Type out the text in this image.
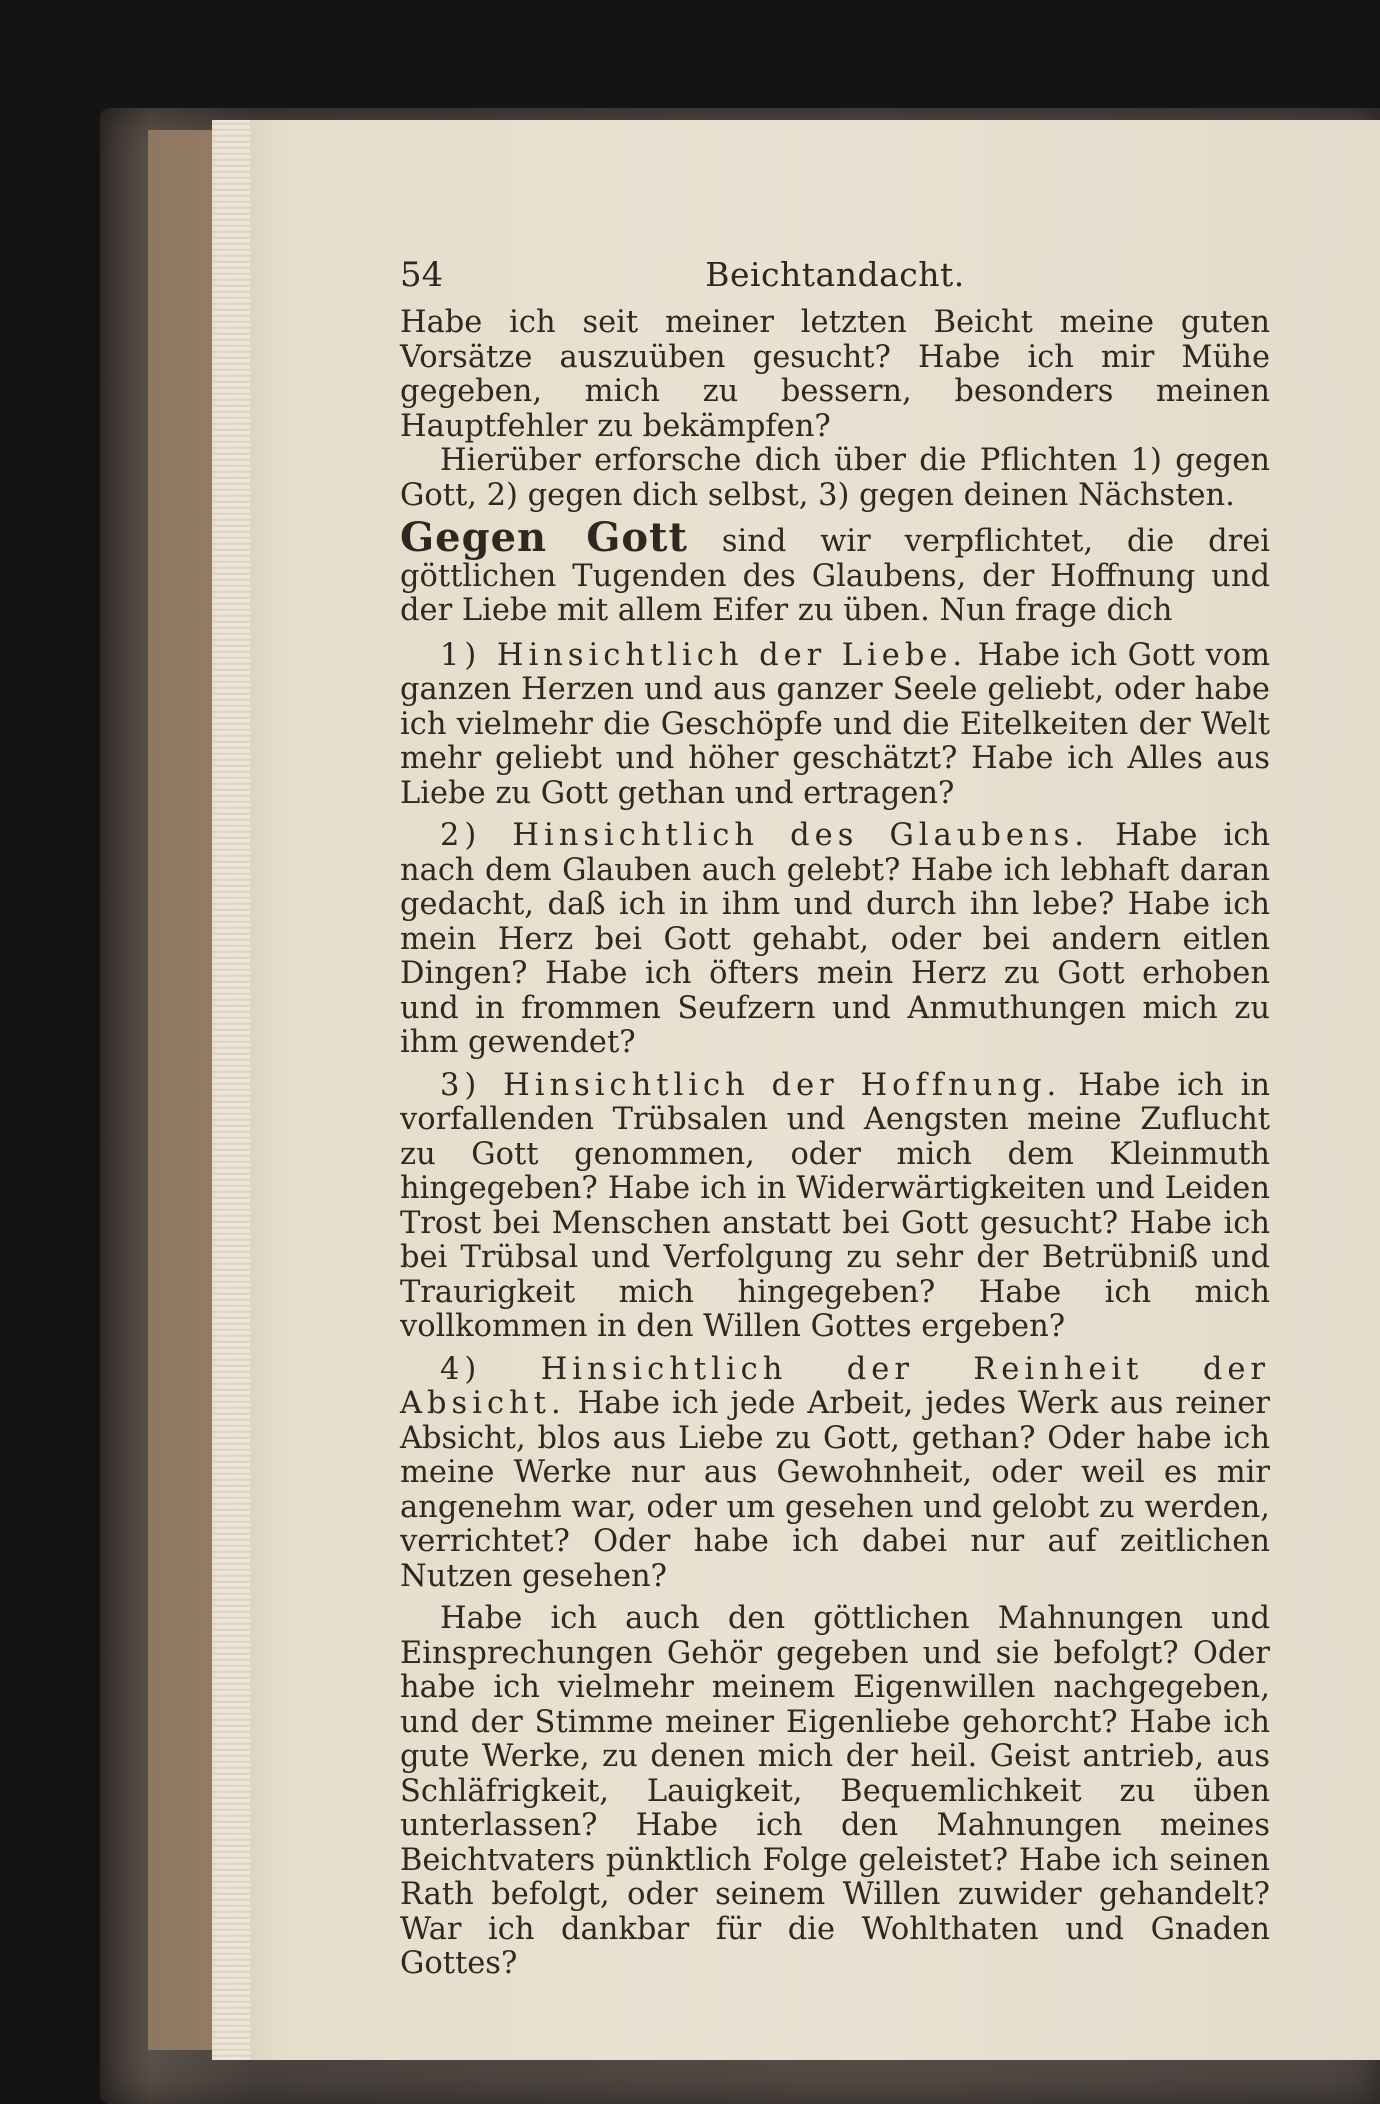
54	Beichtandacht.

Habe ich seit meiner letzten Beicht meine guten Vorsätze auszuüben gesucht? Habe ich mir Mühe gegeben, mich zu bessern, besonders meinen Hauptfehler zu bekämpfen?

Hierüber erforsche dich über die Pflichten 1) gegen Gott, 2) gegen dich selbst, 3) gegen deinen Nächsten.

Gegen Gott sind wir verpflichtet, die drei göttlichen Tugenden des Glaubens, der Hoffnung und der Liebe mit allem Eifer zu üben. Nun frage dich

1) Hinsichtlich der Liebe. Habe ich Gott vom ganzen Herzen und aus ganzer Seele geliebt, oder habe ich vielmehr die Geschöpfe und die Eitelkeiten der Welt mehr geliebt und höher geschätzt? Habe ich Alles aus Liebe zu Gott gethan und ertragen?

2) Hinsichtlich des Glaubens. Habe ich nach dem Glauben auch gelebt? Habe ich lebhaft daran gedacht, daß ich in ihm und durch ihn lebe? Habe ich mein Herz bei Gott gehabt, oder bei andern eitlen Dingen? Habe ich öfters mein Herz zu Gott erhoben und in frommen Seufzern und Anmuthungen mich zu ihm gewendet?

3) Hinsichtlich der Hoffnung. Habe ich in vorfallenden Trübsalen und Aengsten meine Zuflucht zu Gott genommen, oder mich dem Kleinmuth hingegeben? Habe ich in Widerwärtigkeiten und Leiden Trost bei Menschen anstatt bei Gott gesucht? Habe ich bei Trübsal und Verfolgung zu sehr der Betrübniß und Traurigkeit mich hingegeben? Habe ich mich vollkommen in den Willen Gottes ergeben?

4) Hinsichtlich der Reinheit der Absicht. Habe ich jede Arbeit, jedes Werk aus reiner Absicht, blos aus Liebe zu Gott, gethan? Oder habe ich meine Werke nur aus Gewohnheit, oder weil es mir angenehm war, oder um gesehen und gelobt zu werden, verrichtet? Oder habe ich dabei nur auf zeitlichen Nutzen gesehen?

Habe ich auch den göttlichen Mahnungen und Einsprechungen Gehör gegeben und sie befolgt? Oder habe ich vielmehr meinem Eigenwillen nachgegeben, und der Stimme meiner Eigenliebe gehorcht? Habe ich gute Werke, zu denen mich der heil. Geist antrieb, aus Schläfrigkeit, Lauigkeit, Bequemlichkeit zu üben unterlassen? Habe ich den Mahnungen meines Beichtvaters pünktlich Folge geleistet? Habe ich seinen Rath befolgt, oder seinem Willen zuwider gehandelt? War ich dankbar für die Wohlthaten und Gnaden Gottes?
